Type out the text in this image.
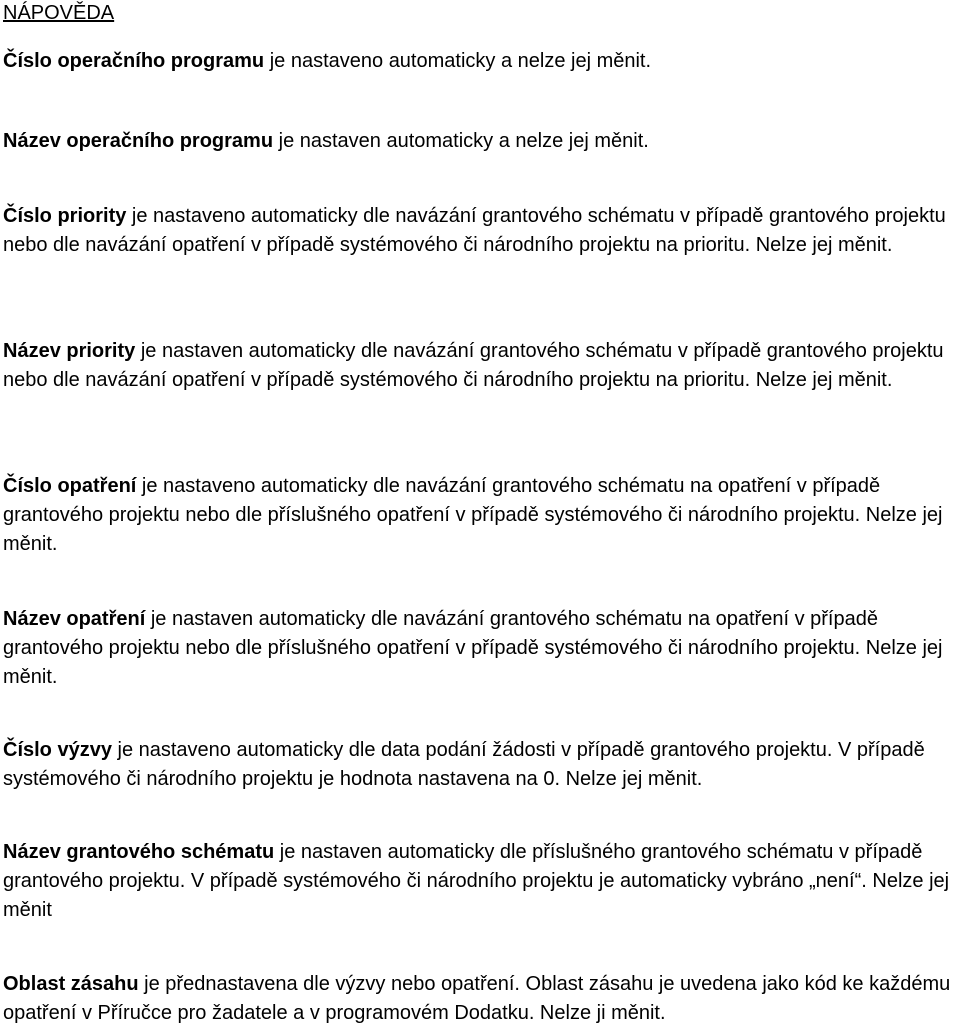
NÁPOVĚDA

Číslo operačního programu je nastaveno automaticky a nelze jej měnit.

Název operačního programu je nastaven automaticky a nelze jej měnit.

Číslo priority je nastaveno automaticky dle navázání grantového schématu v případě grantového projektu nebo dle navázání opatření v případě systémového či národního projektu na prioritu. Nelze jej měnit.

Název priority je nastaven automaticky dle navázání grantového schématu v případě grantového projektu nebo dle navázání opatření v případě systémového či národního projektu na prioritu. Nelze jej měnit.

Číslo opatření je nastaveno automaticky dle navázání grantového schématu na opatření v případě grantového projektu nebo dle příslušného opatření v případě systémového či národního projektu. Nelze jej měnit.

Název opatření je nastaven automaticky dle navázání grantového schématu na opatření v případě grantového projektu nebo dle příslušného opatření v případě systémového či národního projektu. Nelze jej měnit.

Číslo výzvy je nastaveno automaticky dle data podání žádosti v případě grantového projektu. V případě systémového či národního projektu je hodnota nastavena na 0. Nelze jej měnit.

Název grantového schématu je nastaven automaticky dle příslušného grantového schématu v případě grantového projektu. V případě systémového či národního projektu je automaticky vybráno „není“. Nelze jej měnit

Oblast zásahu je přednastavena dle výzvy nebo opatření. Oblast zásahu je uvedena jako kód ke každému opatření v Příručce pro žadatele a v programovém Dodatku. Nelze ji měnit.
